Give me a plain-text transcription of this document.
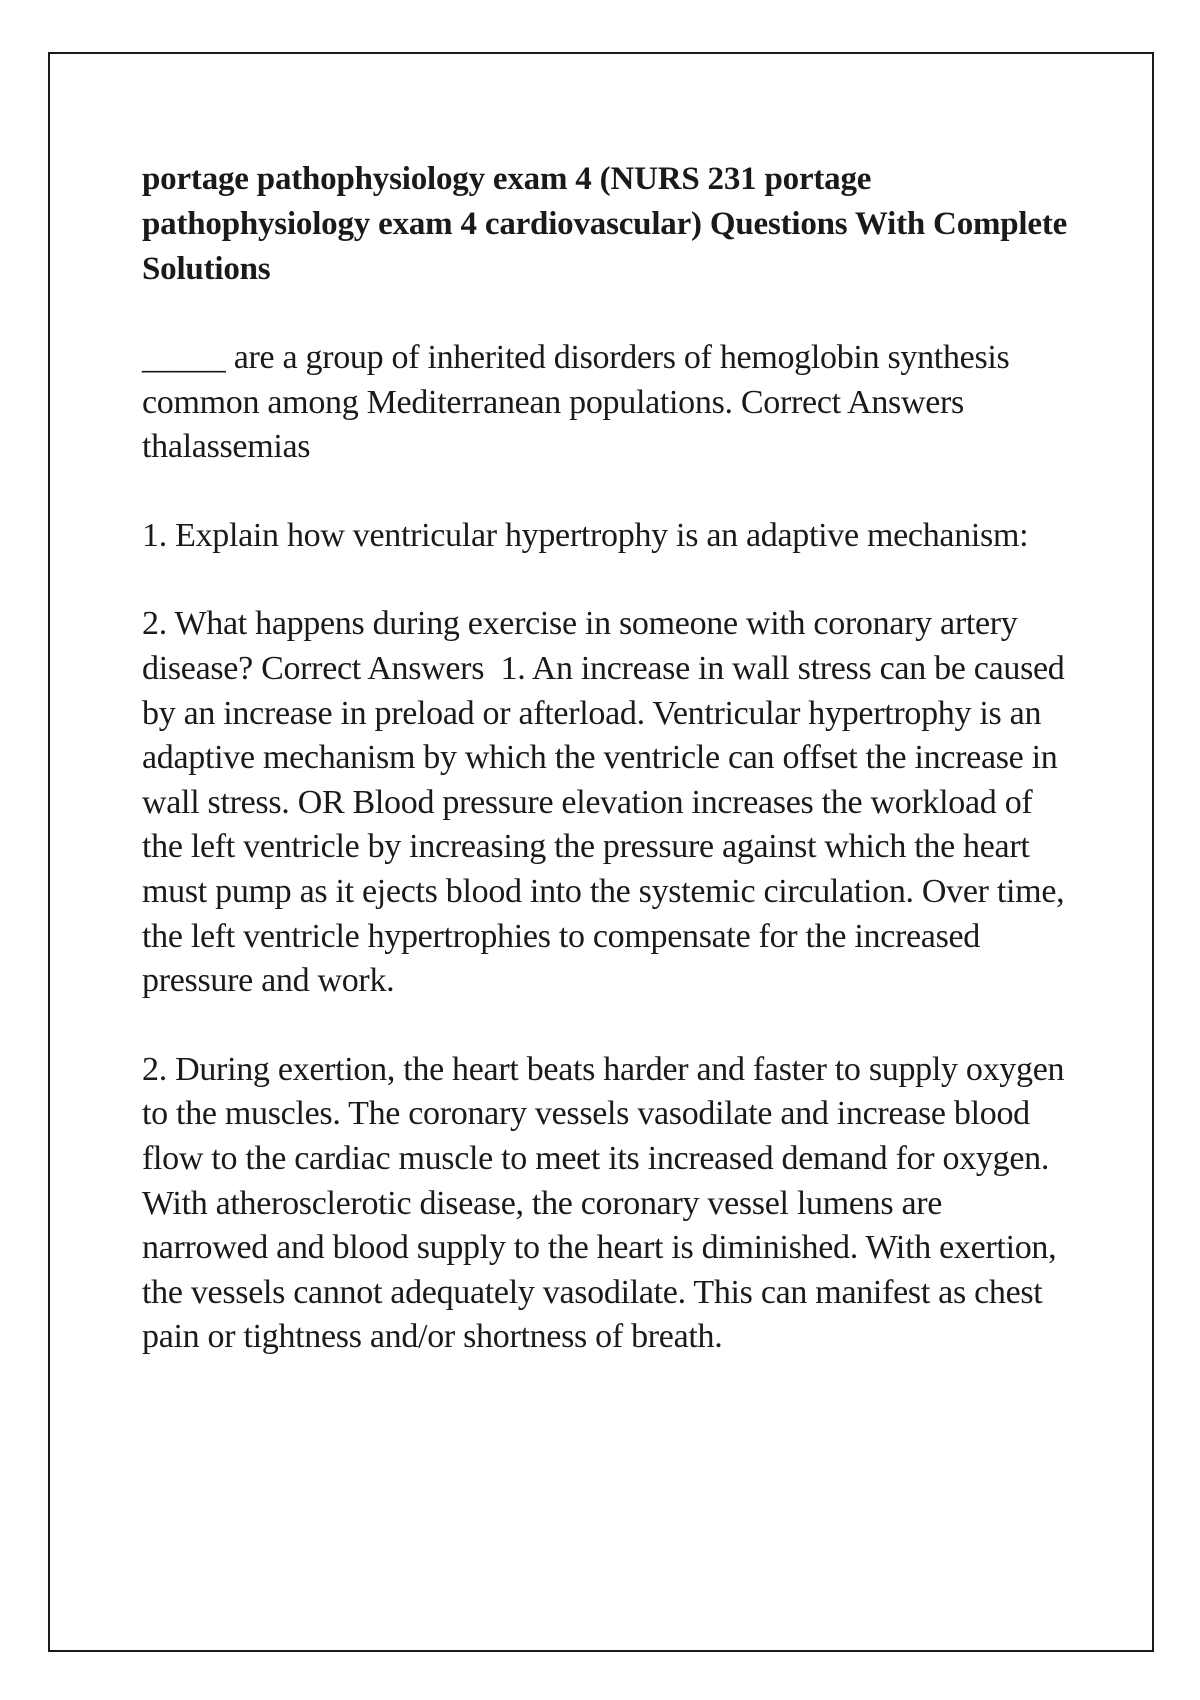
portage pathophysiology exam 4 (NURS 231 portage pathophysiology exam 4 cardiovascular) Questions With Complete Solutions

_____ are a group of inherited disorders of hemoglobin synthesis common among Mediterranean populations. Correct Answers  thalassemias

1. Explain how ventricular hypertrophy is an adaptive mechanism:

2. What happens during exercise in someone with coronary artery disease? Correct Answers  1. An increase in wall stress can be caused by an increase in preload or afterload. Ventricular hypertrophy is an adaptive mechanism by which the ventricle can offset the increase in wall stress. OR Blood pressure elevation increases the workload of the left ventricle by increasing the pressure against which the heart must pump as it ejects blood into the systemic circulation. Over time, the left ventricle hypertrophies to compensate for the increased pressure and work.

2. During exertion, the heart beats harder and faster to supply oxygen to the muscles. The coronary vessels vasodilate and increase blood flow to the cardiac muscle to meet its increased demand for oxygen. With atherosclerotic disease, the coronary vessel lumens are narrowed and blood supply to the heart is diminished. With exertion, the vessels cannot adequately vasodilate. This can manifest as chest pain or tightness and/or shortness of breath.
